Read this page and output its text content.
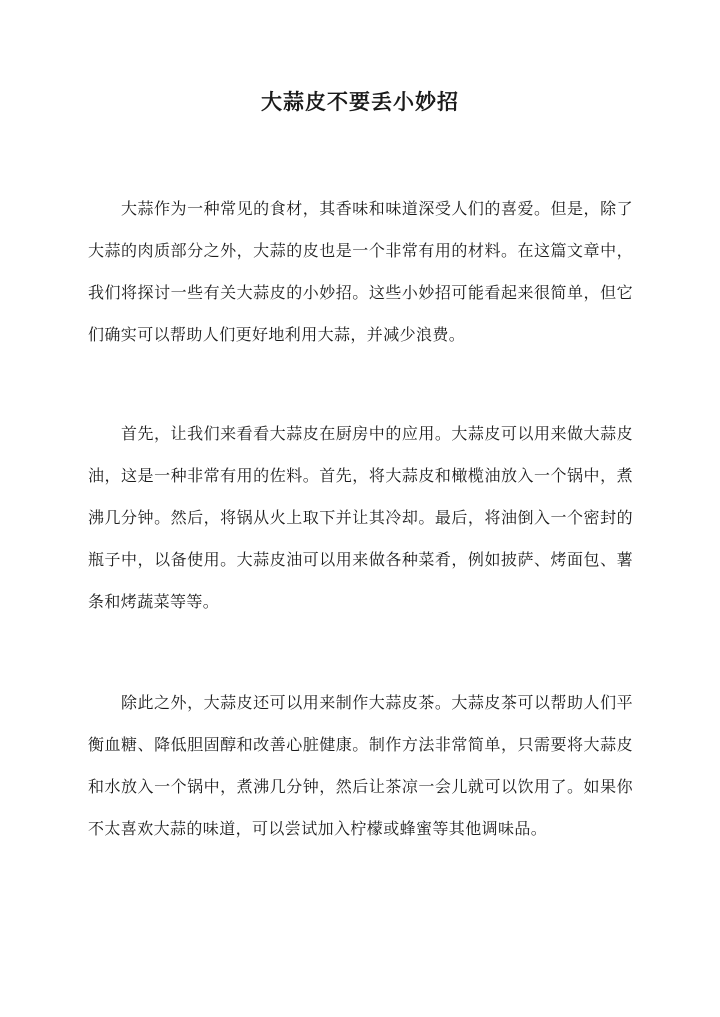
大蒜皮不要丢小妙招

大蒜作为一种常见的食材，其香味和味道深受人们的喜爱。但是，除了大蒜的肉质部分之外，大蒜的皮也是一个非常有用的材料。在这篇文章中，我们将探讨一些有关大蒜皮的小妙招。这些小妙招可能看起来很简单，但它们确实可以帮助人们更好地利用大蒜，并减少浪费。

首先，让我们来看看大蒜皮在厨房中的应用。大蒜皮可以用来做大蒜皮油，这是一种非常有用的佐料。首先，将大蒜皮和橄榄油放入一个锅中，煮沸几分钟。然后，将锅从火上取下并让其冷却。最后，将油倒入一个密封的瓶子中，以备使用。大蒜皮油可以用来做各种菜肴，例如披萨、烤面包、薯条和烤蔬菜等等。

除此之外，大蒜皮还可以用来制作大蒜皮茶。大蒜皮茶可以帮助人们平衡血糖、降低胆固醇和改善心脏健康。制作方法非常简单，只需要将大蒜皮和水放入一个锅中，煮沸几分钟，然后让茶凉一会儿就可以饮用了。如果你不太喜欢大蒜的味道，可以尝试加入柠檬或蜂蜜等其他调味品。
